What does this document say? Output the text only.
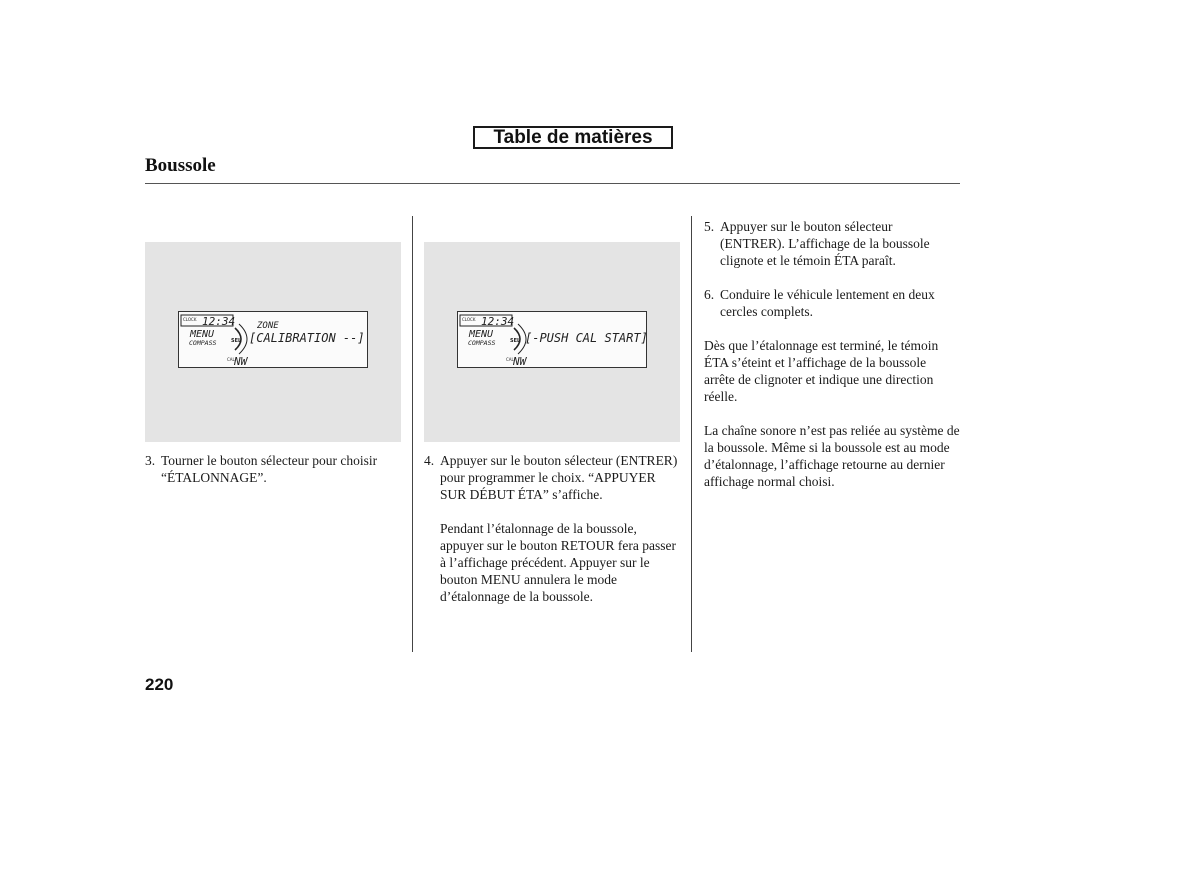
Table de matières
Boussole
CLOCK 12:34
MENU
COMPASS	SEL
ZONE
[CALIBRATION --]
CAL NW
CLOCK 12:34
MENU
COMPASS	SEL [-PUSH CAL START]
CAL NW
3. Tourner le bouton sélecteur pour choisir “ÉTALONNAGE”.
4. Appuyer sur le bouton sélecteur (ENTRER) pour programmer le choix. “APPUYER SUR DÉBUT ÉTA” s’affiche.

Pendant l’étalonnage de la boussole, appuyer sur le bouton RETOUR fera passer à l’affichage précédent. Appuyer sur le bouton MENU annulera le mode d’étalonnage de la boussole.

5. Appuyer sur le bouton sélecteur (ENTRER). L’affichage de la boussole clignote et le témoin ÉTA paraît.
6. Conduire le véhicule lentement en deux cercles complets.

Dès que l’étalonnage est terminé, le témoin ÉTA s’éteint et l’affichage de la boussole arrête de clignoter et indique une direction réelle.

La chaîne sonore n’est pas reliée au système de la boussole. Même si la boussole est au mode d’étalonnage, l’affichage retourne au dernier affichage normal choisi.

220
